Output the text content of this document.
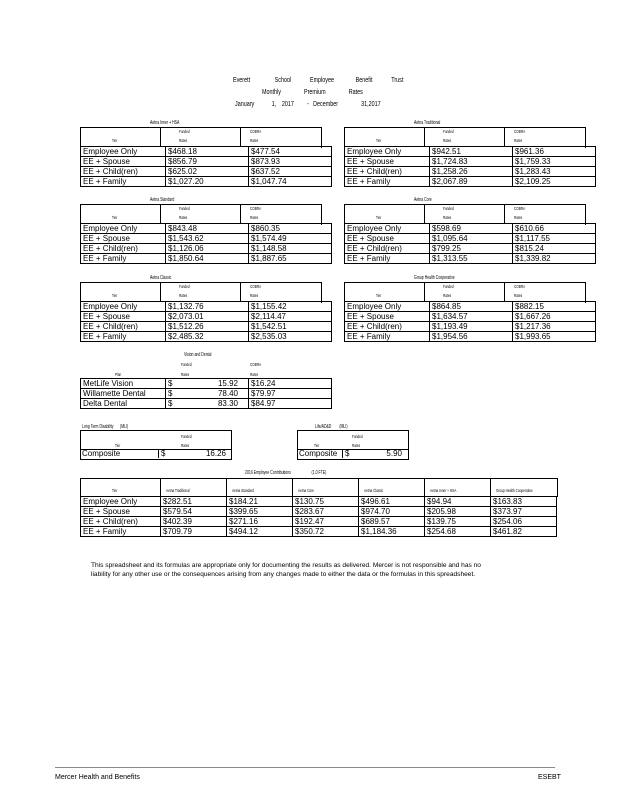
Everett	School	Employee	Benefit	Trust
Monthly	Premium	Rates
January 1, 2017 - December	31,2017
Aetna Inner + HSA
Funded	COBRA
Tier	Rates	Rates
Employee Only	$468.18	$477.54
EE + Spouse	$856.79	$873.93
EE + Child(ren)	$625.02	$637.52
EE + Family	$1,027.20	$1,047.74
Aetna Traditional
Funded	COBRA
Tier	Rates	Rates
Employee Only	$942.51	$961.36
EE + Spouse	$1,724.83	$1,759.33
EE + Child(ren)	$1,258.26	$1,283.43
EE + Family	$2,067.89	$2,109.25
Aetna Standard
Funded	COBRA
Tier	Rates	Rates
Employee Only	$843.48	$860.35
EE + Spouse	$1,543.62	$1,574.49
EE + Child(ren)	$1,126.06	$1,148.58
EE + Family	$1,850.64	$1,887.65
Aetna Core
Funded	COBRA
Tier	Rates	Rates
Employee Only	$598.69	$610.66
EE + Spouse	$1,095.64	$1,117.55
EE + Child(ren)	$799.25	$815.24
EE + Family	$1,313.55	$1,339.82
Aetna Classic
Funded	COBRA
Tier	Rates	Rates
Employee Only	$1,132.76	$1,155.42
EE + Spouse	$2,073.01	$2,114.47
EE + Child(ren)	$1,512.26	$1,542.51
EE + Family	$2,485.32	$2,535.03
Group Health Cooperative
Funded	COBRA
Tier	Rates	Rates
Employee Only	$864.85	$882.15
EE + Spouse	$1,634.57	$1,667.26
EE + Child(ren)	$1,193.49	$1,217.36
EE + Family	$1,954.56	$1,993.65
Vision and Dental
Funded	COBRA
Plan	Rates	Rates
MetLife Vision	$ 15.92	$16.24
Willamette Dental	$ 78.40	$79.97
Delta Dental	$ 83.30	$84.97
Long Term Disability (MLI)
Funded
Tier	Rates
Composite	$	16.26
Life/AD&D (MLI)
Funded
Tier	Rates
Composite $	5.90
2016 Employee Contributions	(1.0 FTE)
Aetna Traditional	Aetna Standard	Aetna Core	Aetna Classic	Aetna Inner + HSA	Group Health Cooperative
Tier
Employee Only	$282.51	$184.21	$130.75	$496.61	$94.94	$163.83
EE + Spouse	$579.54	$399.65	$283.67	$974.70	$205.98	$373.97
EE + Child(ren)	$402.39	$271.16	$192.47	$689.57	$139.75	$254.06
EE + Family	$709.79	$494.12	$350.72	$1,184.36	$254.68	$461.82
This spreadsheet and its formulas are appropriate only for documenting the results as delivered. Mercer is not responsible and has no liability for any other use or the consequences arising from any changes made to either the data or the formulas in this spreadsheet.
Mercer Health and Benefits	ESEBT
